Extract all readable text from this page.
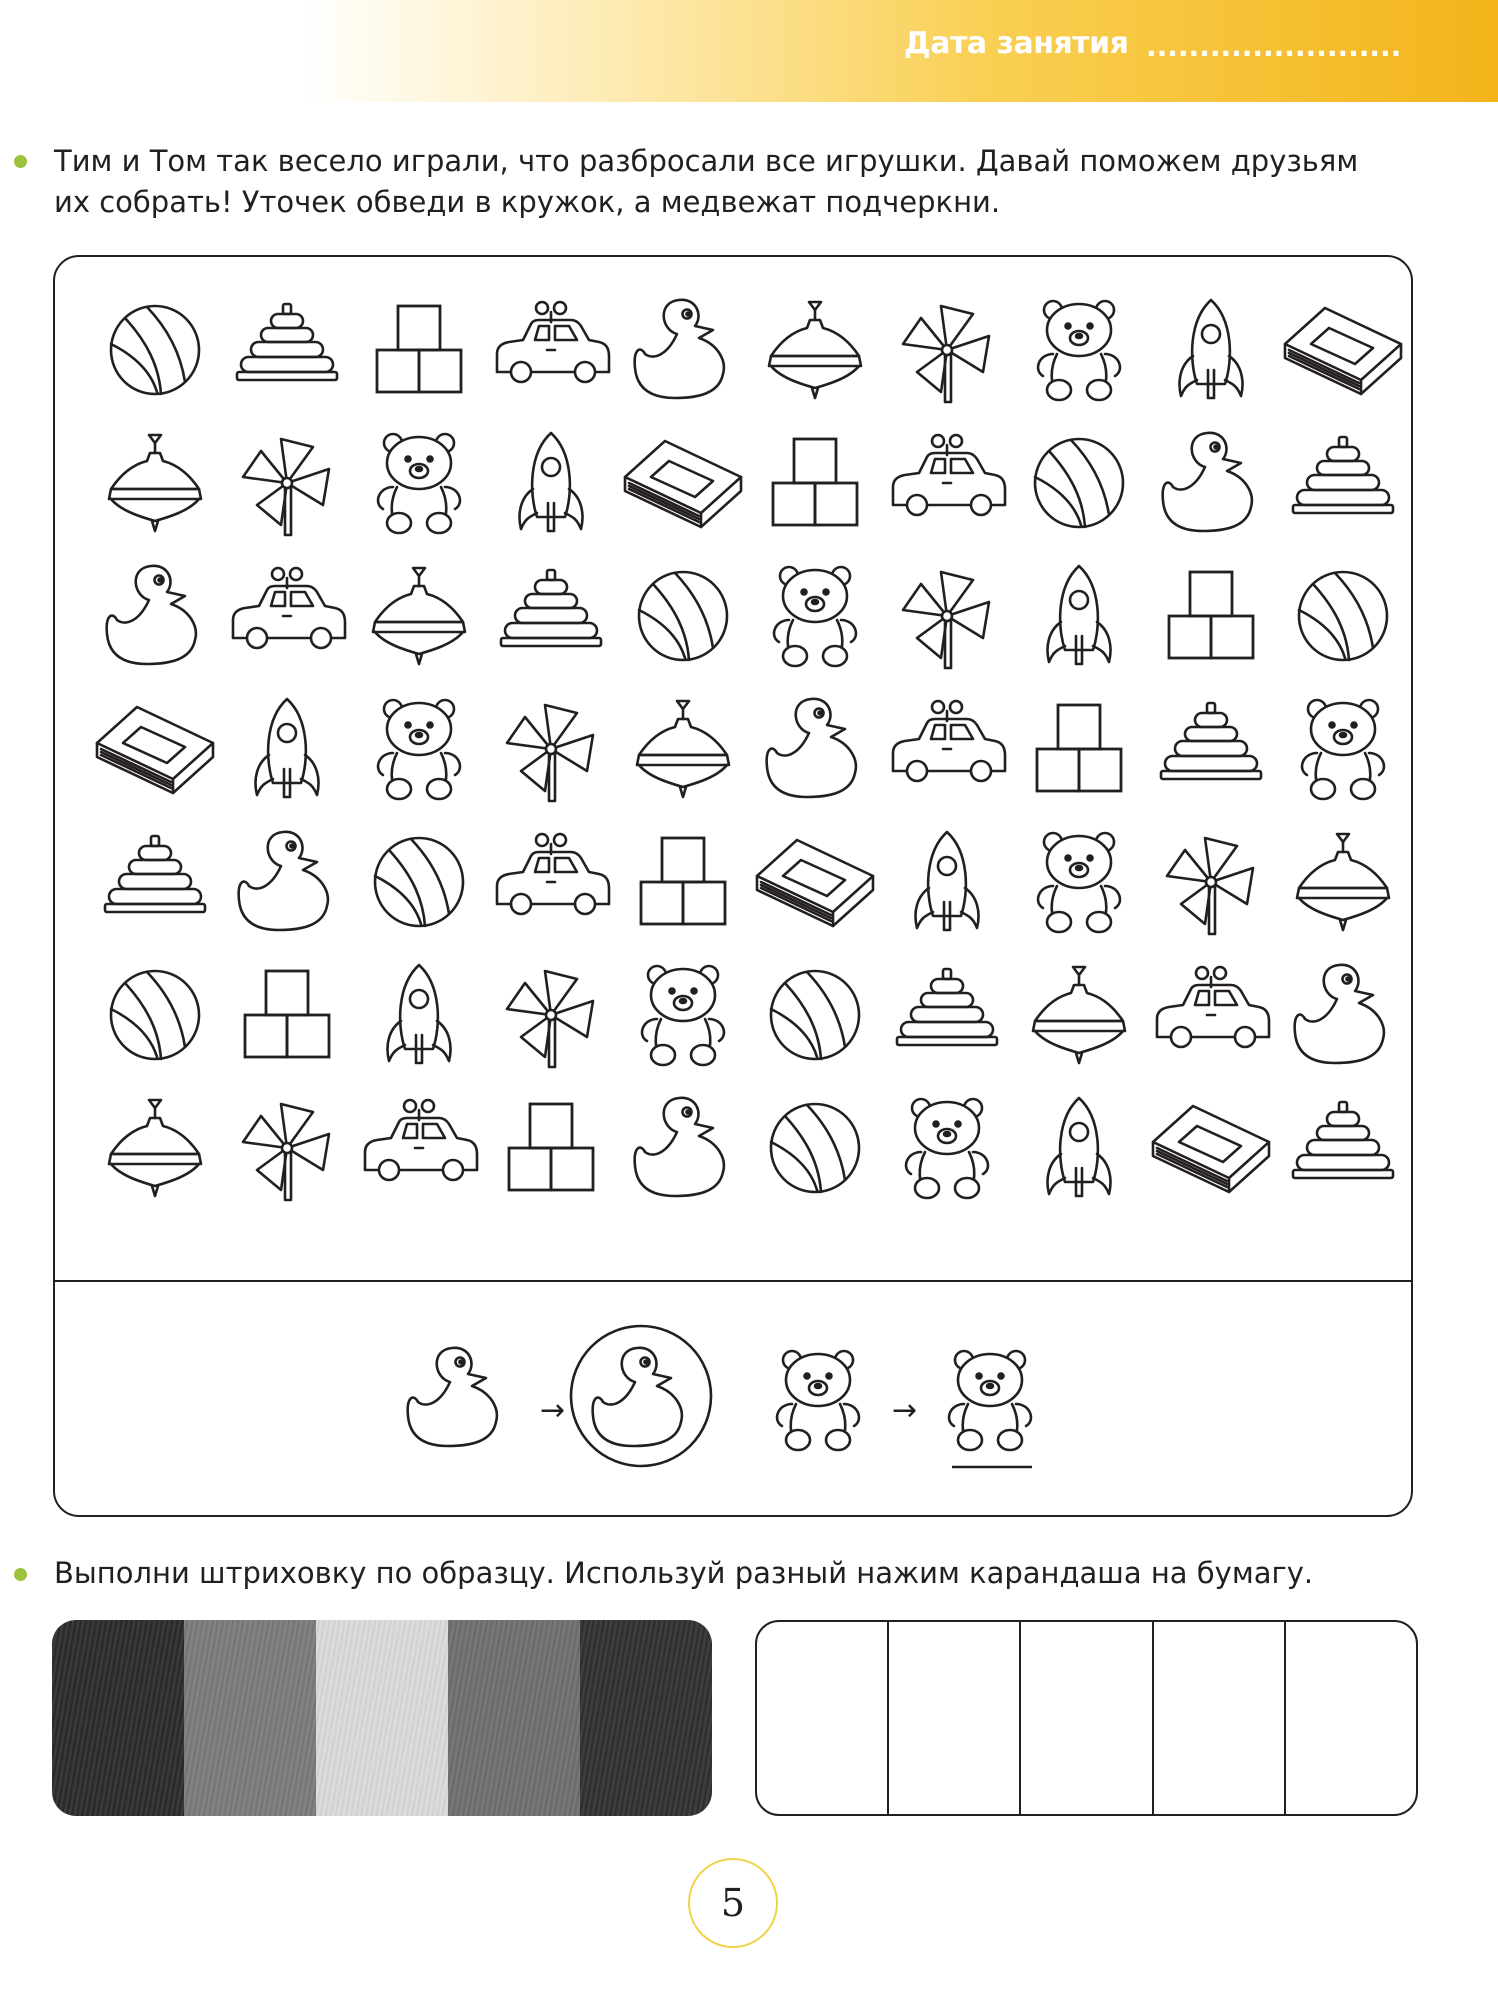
Дата занятия ........................
Тим и Том так весело играли, что разбросали все игрушки. Давай поможем друзьям
их собрать! Уточек обведи в кружок, а медвежат подчеркни.
→	→
Выполни штриховку по образцу. Используй разный нажим карандаша на бумагу.
5
